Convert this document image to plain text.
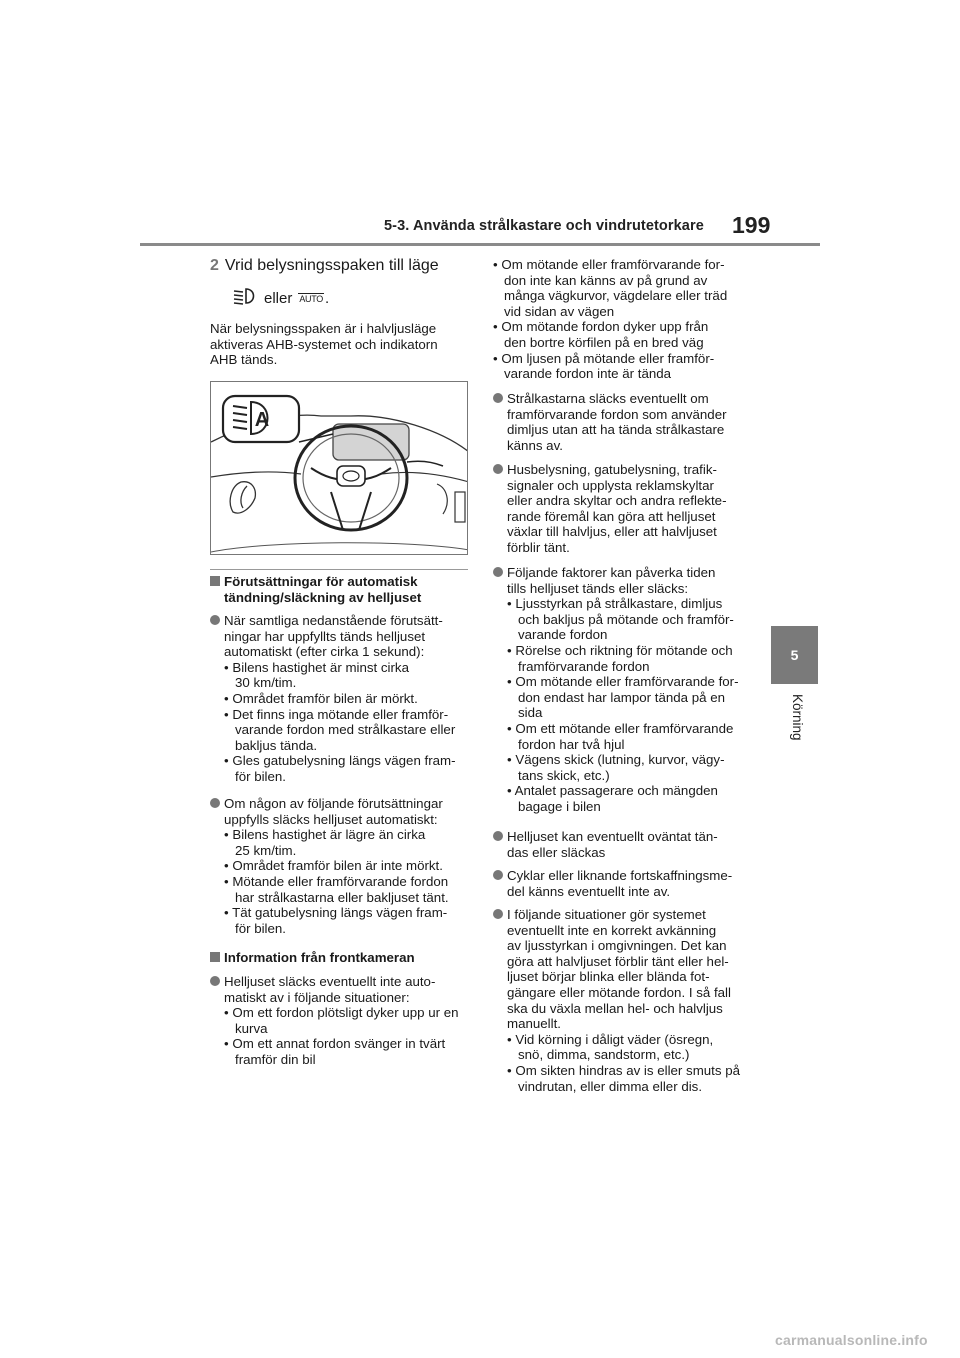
5-3. Använda strålkastare och vindrutetorkare 199
5
Körning
2 Vrid belysningsspaken till läge
eller AUTO .
När belysningsspaken är i halvljusläge
aktiveras AHB-systemet och indikatorn
AHB tänds.
A
Förutsättningar för automatisk
tändning/släckning av helljuset
När samtliga nedanstående förutsätt-
ningar har uppfyllts tänds helljuset
automatiskt (efter cirka 1 sekund):
• Bilens hastighet är minst cirka
30 km/tim.
• Området framför bilen är mörkt.
• Det finns inga mötande eller framför-
varande fordon med strålkastare eller
bakljus tända.
• Gles gatubelysning längs vägen fram-
för bilen.
Om någon av följande förutsättningar
uppfylls släcks helljuset automatiskt:
• Bilens hastighet är lägre än cirka
25 km/tim.
• Området framför bilen är inte mörkt.
• Mötande eller framförvarande fordon
har strålkastarna eller bakljuset tänt.
• Tät gatubelysning längs vägen fram-
för bilen.
Information från frontkameran
Helljuset släcks eventuellt inte auto-
matiskt av i följande situationer:
• Om ett fordon plötsligt dyker upp ur en
kurva
• Om ett annat fordon svänger in tvärt
framför din bil
• Om mötande eller framförvarande for-
don inte kan känns av på grund av
många vägkurvor, vägdelare eller träd
vid sidan av vägen
• Om mötande fordon dyker upp från
den bortre körfilen på en bred väg
• Om ljusen på mötande eller framför-
varande fordon inte är tända
Strålkastarna släcks eventuellt om
framförvarande fordon som använder
dimljus utan att ha tända strålkastare
känns av.
Husbelysning, gatubelysning, trafik-
signaler och upplysta reklamskyltar
eller andra skyltar och andra reflekte-
rande föremål kan göra att helljuset
växlar till halvljus, eller att halvljuset
förblir tänt.
Följande faktorer kan påverka tiden
tills helljuset tänds eller släcks:
• Ljusstyrkan på strålkastare, dimljus
och bakljus på mötande och framför-
varande fordon
• Rörelse och riktning för mötande och
framförvarande fordon
• Om mötande eller framförvarande for-
don endast har lampor tända på en
sida
• Om ett mötande eller framförvarande
fordon har två hjul
• Vägens skick (lutning, kurvor, vägy-
tans skick, etc.)
• Antalet passagerare och mängden
bagage i bilen
Helljuset kan eventuellt oväntat tän-
das eller släckas
Cyklar eller liknande fortskaffningsme-
del känns eventuellt inte av.
I följande situationer gör systemet
eventuellt inte en korrekt avkänning
av ljusstyrkan i omgivningen. Det kan
göra att halvljuset förblir tänt eller hel-
ljuset börjar blinka eller blända fot-
gängare eller mötande fordon. I så fall
ska du växla mellan hel- och halvljus
manuellt.
• Vid körning i dåligt väder (ösregn,
snö, dimma, sandstorm, etc.)
• Om sikten hindras av is eller smuts på
vindrutan, eller dimma eller dis.
carmanualsonline.info
